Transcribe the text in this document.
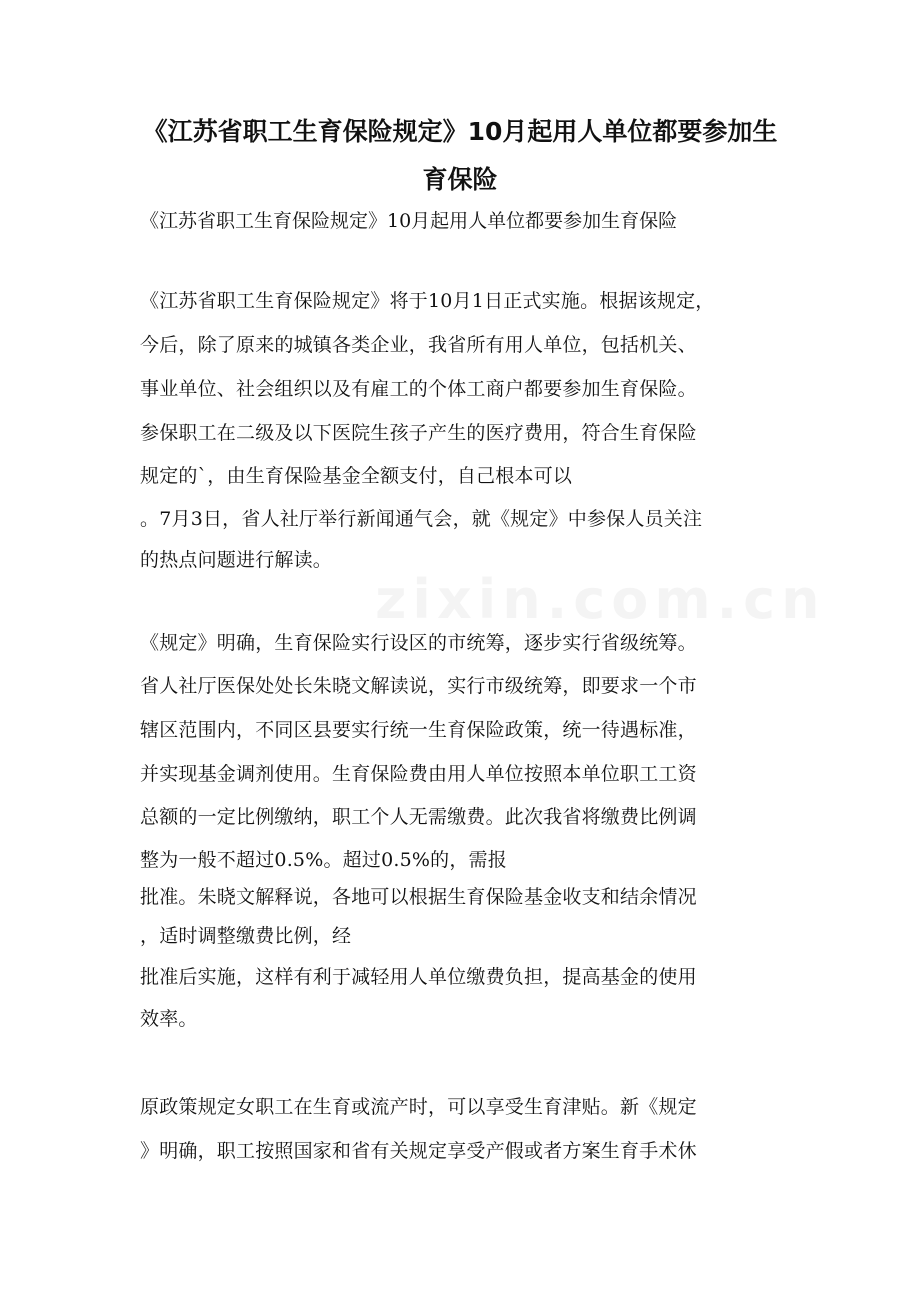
《江苏省职工生育保险规定》10月起用人单位都要参加生
育保险
《江苏省职工生育保险规定》10月起用人单位都要参加生育保险
《江苏省职工生育保险规定》将于10月1日正式实施。根据该规定，
今后，除了原来的城镇各类企业，我省所有用人单位，包括机关、
事业单位、社会组织以及有雇工的个体工商户都要参加生育保险。
参保职工在二级及以下医院生孩子产生的医疗费用，符合生育保险
规定的`，由生育保险基金全额支付，自己根本可以
。7月3日，省人社厅举行新闻通气会，就《规定》中参保人员关注
的热点问题进行解读。
《规定》明确，生育保险实行设区的市统筹，逐步实行省级统筹。
省人社厅医保处处长朱晓文解读说，实行市级统筹，即要求一个市
辖区范围内，不同区县要实行统一生育保险政策，统一待遇标准，
并实现基金调剂使用。生育保险费由用人单位按照本单位职工工资
总额的一定比例缴纳，职工个人无需缴费。此次我省将缴费比例调
整为一般不超过0.5%。超过0.5%的，需报
批准。朱晓文解释说，各地可以根据生育保险基金收支和结余情况
，适时调整缴费比例，经
批准后实施，这样有利于减轻用人单位缴费负担，提高基金的使用
效率。
原政策规定女职工在生育或流产时，可以享受生育津贴。新《规定
》明确，职工按照国家和省有关规定享受产假或者方案生育手术休
